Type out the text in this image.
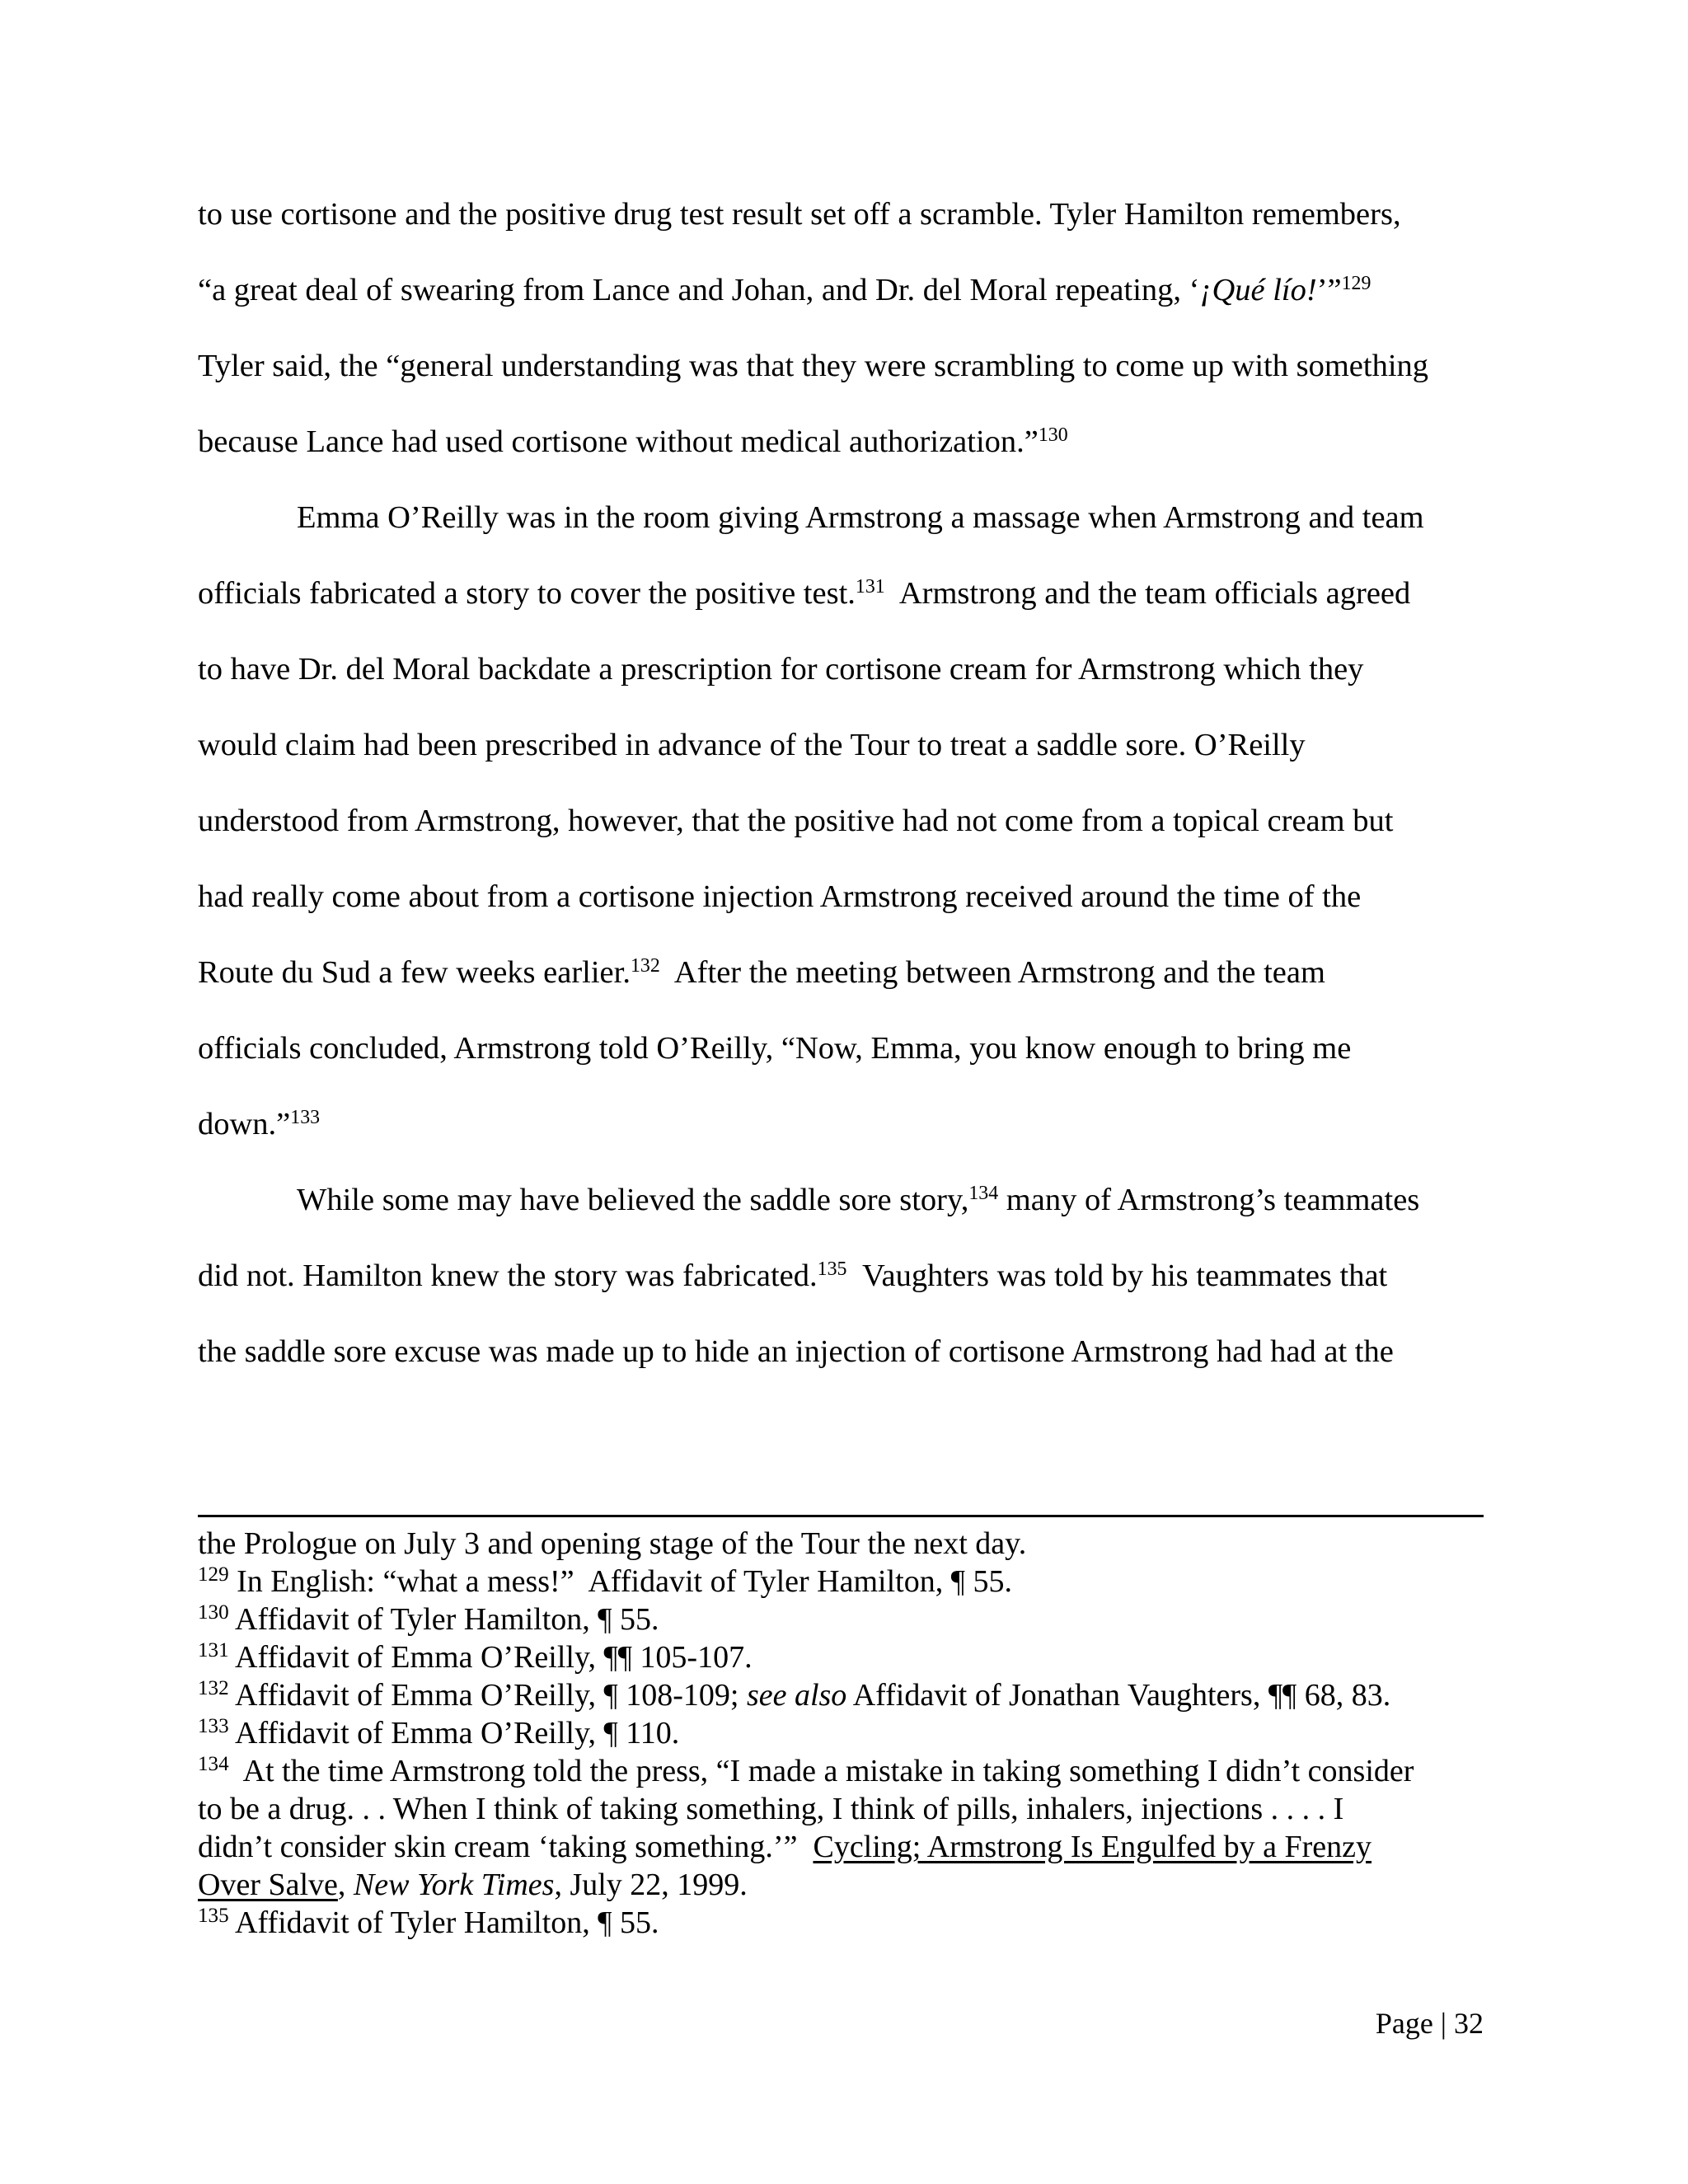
to use cortisone and the positive drug test result set off a scramble. Tyler Hamilton remembers,
“a great deal of swearing from Lance and Johan, and Dr. del Moral repeating, ‘¡Qué lío!’”$^{129}$
Tyler said, the “general understanding was that they were scrambling to come up with something
because Lance had used cortisone without medical authorization.”$^{130}$
Emma O’Reilly was in the room giving Armstrong a massage when Armstrong and team
officials fabricated a story to cover the positive test.$^{131}$  Armstrong and the team officials agreed
to have Dr. del Moral backdate a prescription for cortisone cream for Armstrong which they
would claim had been prescribed in advance of the Tour to treat a saddle sore. O’Reilly
understood from Armstrong, however, that the positive had not come from a topical cream but
had really come about from a cortisone injection Armstrong received around the time of the
Route du Sud a few weeks earlier.$^{132}$  After the meeting between Armstrong and the team
officials concluded, Armstrong told O’Reilly, “Now, Emma, you know enough to bring me
down.”$^{133}$
While some may have believed the saddle sore story,$^{134}$ many of Armstrong’s teammates
did not. Hamilton knew the story was fabricated.$^{135}$  Vaughters was told by his teammates that
the saddle sore excuse was made up to hide an injection of cortisone Armstrong had had at the
the Prologue on July 3 and opening stage of the Tour the next day.
$^{129}$ In English: “what a mess!”  Affidavit of Tyler Hamilton, ¶ 55.
$^{130}$ Affidavit of Tyler Hamilton, ¶ 55.
$^{131}$ Affidavit of Emma O’Reilly, ¶¶ 105-107.
$^{132}$ Affidavit of Emma O’Reilly, ¶ 108-109; see also Affidavit of Jonathan Vaughters, ¶¶ 68, 83.
$^{133}$ Affidavit of Emma O’Reilly, ¶ 110.
$^{134}$  At the time Armstrong told the press, “I made a mistake in taking something I didn’t consider
to be a drug. . . When I think of taking something, I think of pills, inhalers, injections . . . . I
didn’t consider skin cream ‘taking something.’”  Cycling; Armstrong Is Engulfed by a Frenzy
Over Salve, New York Times, July 22, 1999.
$^{135}$ Affidavit of Tyler Hamilton, ¶ 55.
Page | 32
